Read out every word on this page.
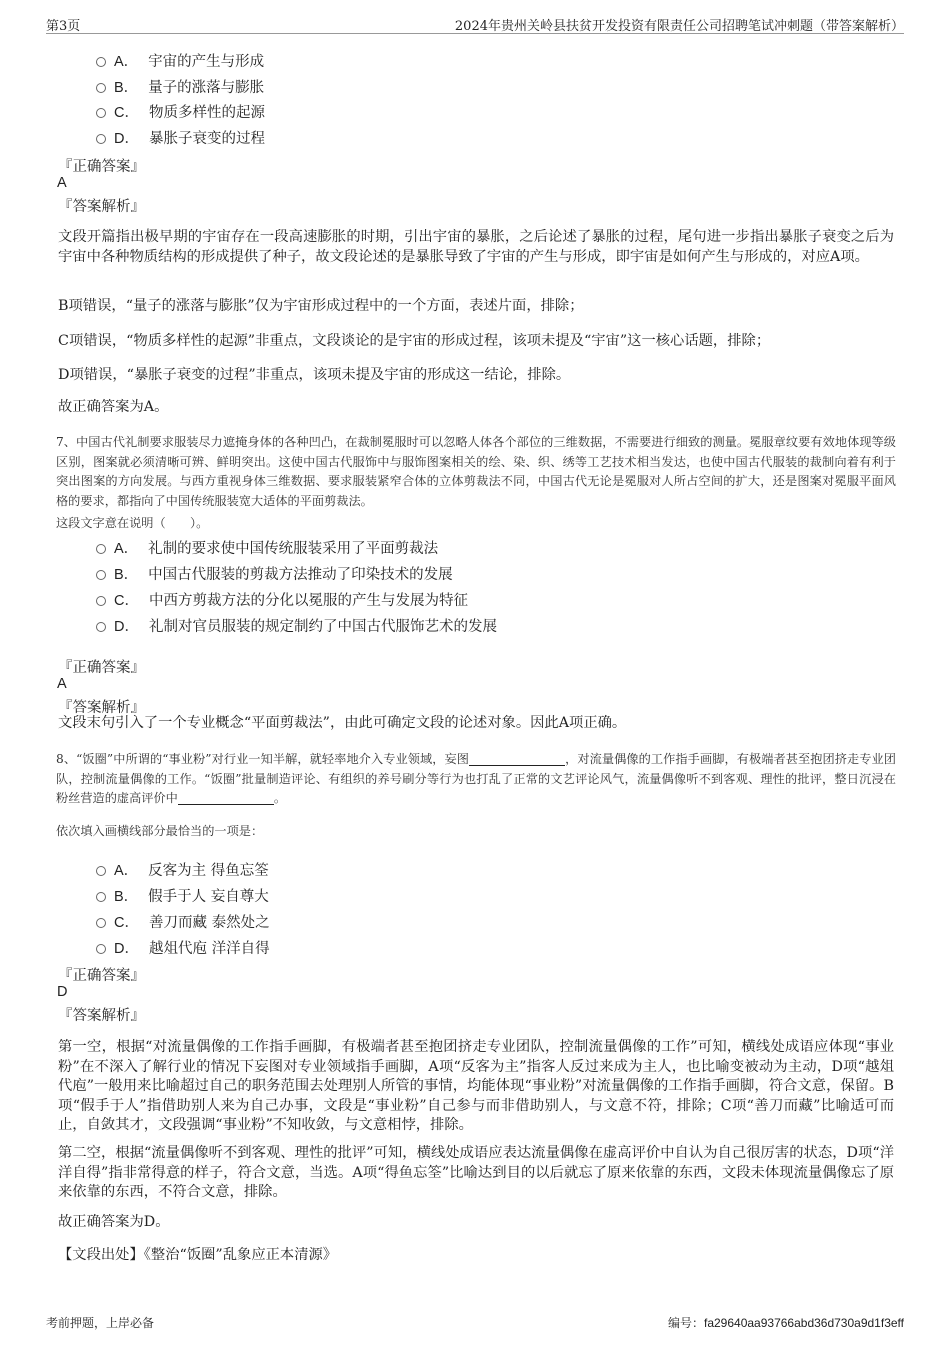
第3页	2024年贵州关岭县扶贫开发投资有限责任公司招聘笔试冲刺题（带答案解析）
A． 宇宙的产生与形成
B． 量子的涨落与膨胀
C． 物质多样性的起源
D． 暴胀子衰变的过程
『正确答案』
A
『答案解析』
文段开篇指出极早期的宇宙存在一段高速膨胀的时期，引出宇宙的暴胀，之后论述了暴胀的过程，尾句进一步指出暴胀子衰变之后为宇宙中各种物质结构的形成提供了种子，故文段论述的是暴胀导致了宇宙的产生与形成，即宇宙是如何产生与形成的，对应A项。
B项错误，“量子的涨落与膨胀”仅为宇宙形成过程中的一个方面，表述片面，排除；
C项错误，“物质多样性的起源”非重点，文段谈论的是宇宙的形成过程，该项未提及“宇宙”这一核心话题，排除；
D项错误，“暴胀子衰变的过程”非重点，该项未提及宇宙的形成这一结论，排除。
故正确答案为A。
7、中国古代礼制要求服装尽力遮掩身体的各种凹凸，在裁制冕服时可以忽略人体各个部位的三维数据，不需要进行细致的测量。冕服章纹要有效地体现等级区别，图案就必须清晰可辨、鲜明突出。这使中国古代服饰中与服饰图案相关的绘、染、织、绣等工艺技术相当发达，也使中国古代服装的裁制向着有利于突出图案的方向发展。与西方重视身体三维数据、要求服装紧窄合体的立体剪裁法不同，中国古代无论是冕服对人所占空间的扩大，还是图案对冕服平面风格的要求，都指向了中国传统服装宽大适体的平面剪裁法。
这段文字意在说明（　　）。
A． 礼制的要求使中国传统服装采用了平面剪裁法
B． 中国古代服装的剪裁方法推动了印染技术的发展
C． 中西方剪裁方法的分化以冕服的产生与发展为特征
D． 礼制对官员服装的规定制约了中国古代服饰艺术的发展
『正确答案』
A
『答案解析』
文段末句引入了一个专业概念“平面剪裁法”，由此可确定文段的论述对象。因此A项正确。
8、“饭圈”中所谓的“事业粉”对行业一知半解，就轻率地介入专业领域，妄图	，对流量偶像的工作指手画脚，有极端者甚至抱团挤走专业团队，控制流量偶像的工作。“饭圈”批量制造评论、有组织的养号刷分等行为也打乱了正常的文艺评论风气，流量偶像听不到客观、理性的批评，整日沉浸在粉丝营造的虚高评价中	。
依次填入画横线部分最恰当的一项是：
A． 反客为主 得鱼忘筌
B． 假手于人 妄自尊大
C． 善刀而藏 泰然处之
D． 越俎代庖 洋洋自得
『正确答案』
D
『答案解析』
第一空，根据“对流量偶像的工作指手画脚，有极端者甚至抱团挤走专业团队，控制流量偶像的工作”可知，横线处成语应体现“事业粉”在不深入了解行业的情况下妄图对专业领域指手画脚，A项“反客为主”指客人反过来成为主人，也比喻变被动为主动，D项“越俎代庖”一般用来比喻超过自己的职务范围去处理别人所管的事情，均能体现“事业粉”对流量偶像的工作指手画脚，符合文意，保留。B项“假手于人”指借助别人来为自己办事，文段是“事业粉”自己参与而非借助别人，与文意不符，排除；C项“善刀而藏”比喻适可而止，自敛其才，文段强调“事业粉”不知收敛，与文意相悖，排除。
第二空，根据“流量偶像听不到客观、理性的批评”可知，横线处成语应表达流量偶像在虚高评价中自认为自己很厉害的状态，D项“洋洋自得”指非常得意的样子，符合文意，当选。A项“得鱼忘筌”比喻达到目的以后就忘了原来依靠的东西，文段未体现流量偶像忘了原来依靠的东西，不符合文意，排除。
故正确答案为D。
【文段出处】《整治“饭圈”乱象应正本清源》
考前押题，上岸必备	编号：fa29640aa93766abd36d730a9d1f3eff
